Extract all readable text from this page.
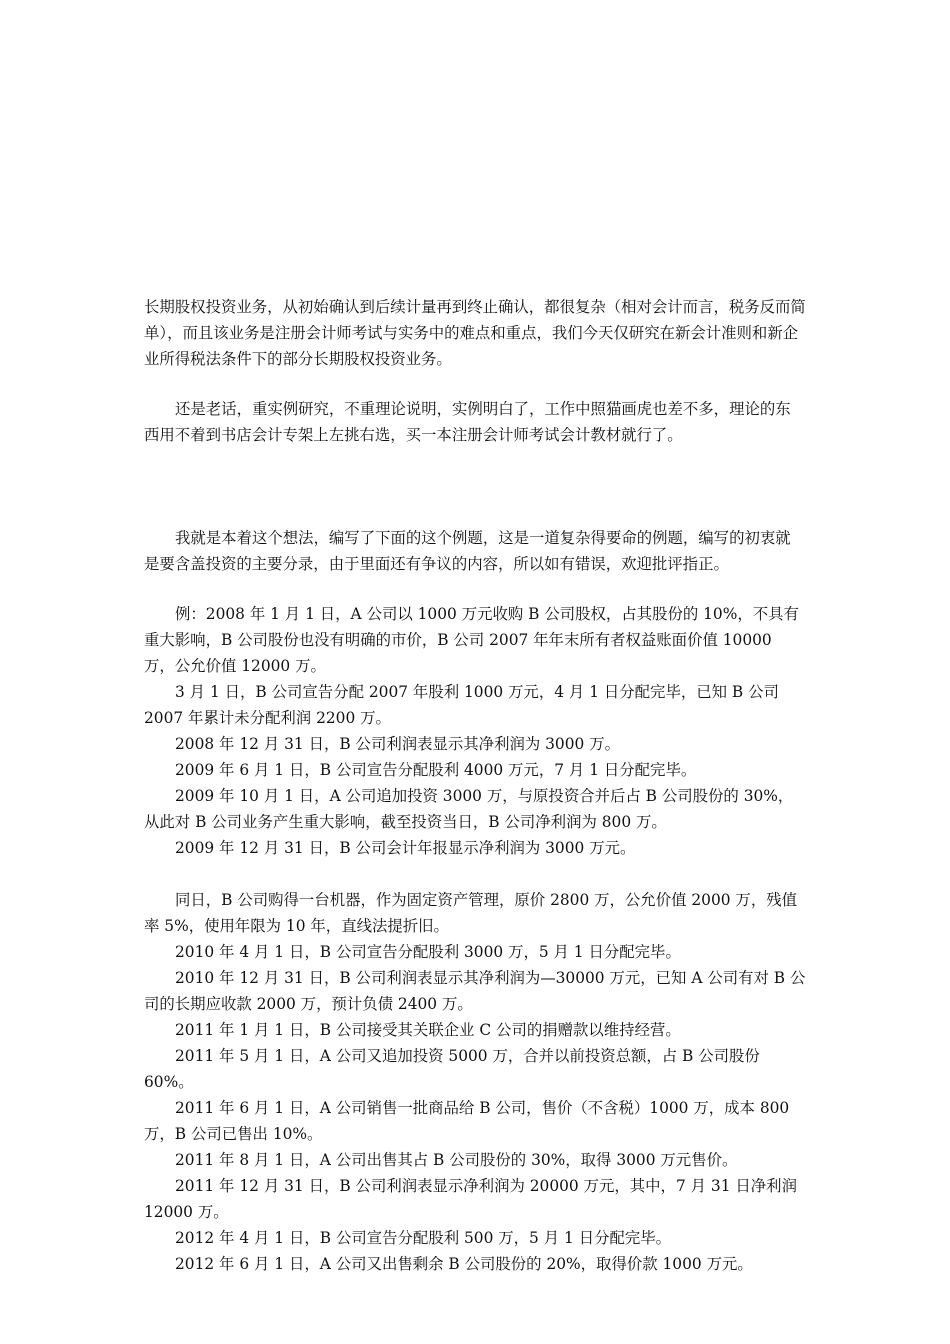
长期股权投资业务，从初始确认到后续计量再到终止确认，都很复杂（相对会计而言，税务反而简单），而且该业务是注册会计师考试与实务中的难点和重点，我们今天仅研究在新会计准则和新企业所得税法条件下的部分长期股权投资业务。

还是老话，重实例研究，不重理论说明，实例明白了，工作中照猫画虎也差不多，理论的东西用不着到书店会计专架上左挑右选，买一本注册会计师考试会计教材就行了。

我就是本着这个想法，编写了下面的这个例题，这是一道复杂得要命的例题，编写的初衷就是要含盖投资的主要分录，由于里面还有争议的内容，所以如有错误，欢迎批评指正。

例：2008 年 1 月 1 日，A 公司以 1000 万元收购 B 公司股权，占其股份的 10%，不具有重大影响，B 公司股份也没有明确的市价，B 公司 2007 年年末所有者权益账面价值 10000 万，公允价值 12000 万。

3 月 1 日，B 公司宣告分配 2007 年股利 1000 万元，4 月 1 日分配完毕，已知 B 公司 2007 年累计未分配利润 2200 万。

2008 年 12 月 31 日，B 公司利润表显示其净利润为 3000 万。

2009 年 6 月 1 日，B 公司宣告分配股利 4000 万元，7 月 1 日分配完毕。

2009 年 10 月 1 日，A 公司追加投资 3000 万，与原投资合并后占 B 公司股份的 30%，从此对 B 公司业务产生重大影响，截至投资当日，B 公司净利润为 800 万。

2009 年 12 月 31 日，B 公司会计年报显示净利润为 3000 万元。

同日，B 公司购得一台机器，作为固定资产管理，原价 2800 万，公允价值 2000 万，残值率 5%，使用年限为 10 年，直线法提折旧。

2010 年 4 月 1 日，B 公司宣告分配股利 3000 万，5 月 1 日分配完毕。

2010 年 12 月 31 日，B 公司利润表显示其净利润为—30000 万元，已知 A 公司有对 B 公司的长期应收款 2000 万，预计负债 2400 万。

2011 年 1 月 1 日，B 公司接受其关联企业 C 公司的捐赠款以维持经营。

2011 年 5 月 1 日，A 公司又追加投资 5000 万，合并以前投资总额，占 B 公司股份 60%。

2011 年 6 月 1 日，A 公司销售一批商品给 B 公司，售价（不含税）1000 万，成本 800 万，B 公司已售出 10%。

2011 年 8 月 1 日，A 公司出售其占 B 公司股份的 30%，取得 3000 万元售价。

2011 年 12 月 31 日，B 公司利润表显示净利润为 20000 万元，其中，7 月 31 日净利润 12000 万。

2012 年 4 月 1 日，B 公司宣告分配股利 500 万，5 月 1 日分配完毕。

2012 年 6 月 1 日，A 公司又出售剩余 B 公司股份的 20%，取得价款 1000 万元。
